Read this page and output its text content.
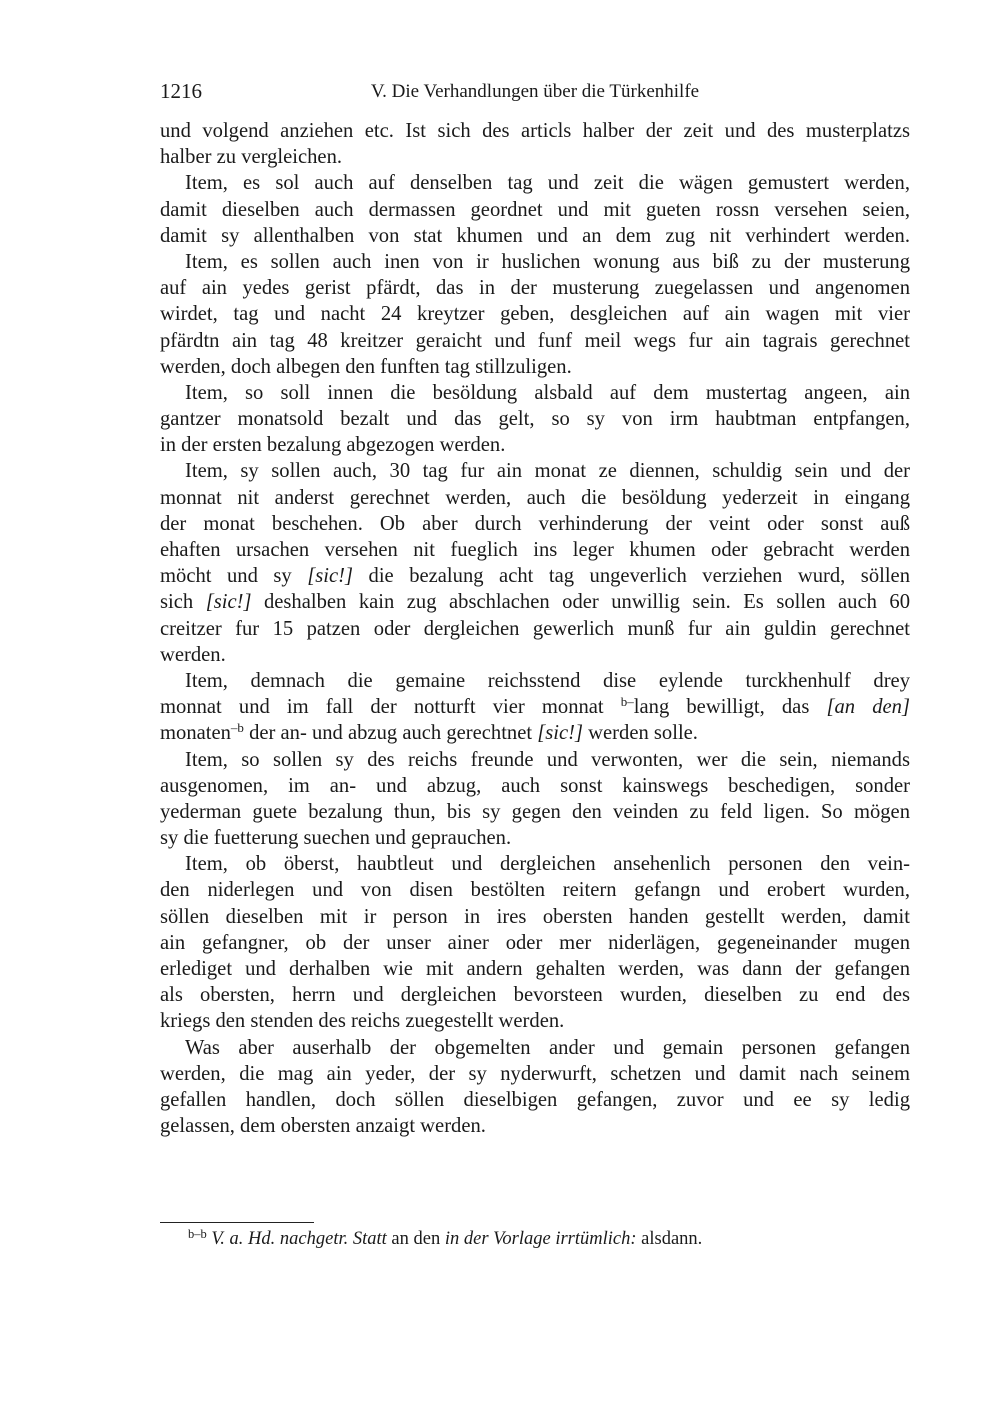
1216	V. Die Verhandlungen über die Türkenhilfe
und volgend anziehen etc. Ist sich des articls halber der zeit und des musterplatzs
halber zu vergleichen.
Item, es sol auch auf denselben tag und zeit die wägen gemustert werden,
damit dieselben auch dermassen geordnet und mit gueten rossn versehen seien,
damit sy allenthalben von stat khumen und an dem zug nit verhindert werden.
Item, es sollen auch inen von ir huslichen wonung aus biß zu der musterung
auf ain yedes gerist pfärdt, das in der musterung zuegelassen und angenomen
wirdet, tag und nacht 24 kreytzer geben, desgleichen auf ain wagen mit vier
pfärdtn ain tag 48 kreitzer geraicht und funf meil wegs fur ain tagrais gerechnet
werden, doch albegen den funften tag stillzuligen.
Item, so soll innen die besöldung alsbald auf dem mustertag angeen, ain
gantzer monatsold bezalt und das gelt, so sy von irm haubtman entpfangen,
in der ersten bezalung abgezogen werden.
Item, sy sollen auch, 30 tag fur ain monat ze diennen, schuldig sein und der
monnat nit anderst gerechnet werden, auch die besöldung yederzeit in eingang
der monat beschehen. Ob aber durch verhinderung der veint oder sonst auß
ehaften ursachen versehen nit fueglich ins leger khumen oder gebracht werden
möcht und sy [sic!] die bezalung acht tag ungeverlich verziehen wurd, söllen
sich [sic!] deshalben kain zug abschlachen oder unwillig sein. Es sollen auch 60
creitzer fur 15 patzen oder dergleichen gewerlich munß fur ain guldin gerechnet
werden.
Item, demnach die gemaine reichsstend dise eylende turckhenhulf drey
monnat und im fall der notturft vier monnat $^{b-}$lang bewilligt, das [an den]
monaten$^{-b}$ der an- und abzug auch gerechtnet [sic!] werden solle.
Item, so sollen sy des reichs freunde und verwonten, wer die sein, niemands
ausgenomen, im an- und abzug, auch sonst kainswegs beschedigen, sonder
yederman guete bezalung thun, bis sy gegen den veinden zu feld ligen. So mögen
sy die fuetterung suechen und geprauchen.
Item, ob öberst, haubtleut und dergleichen ansehenlich personen den vein-
den niderlegen und von disen bestölten reitern gefangn und erobert wurden,
söllen dieselben mit ir person in ires obersten handen gestellt werden, damit
ain gefangner, ob der unser ainer oder mer niderlägen, gegeneinander mugen
erlediget und derhalben wie mit andern gehalten werden, was dann der gefangen
als obersten, herrn und dergleichen bevorsteen wurden, dieselben zu end des
kriegs den stenden des reichs zuegestellt werden.
Was aber auserhalb der obgemelten ander und gemain personen gefangen
werden, die mag ain yeder, der sy nyderwurft, schetzen und damit nach seinem
gefallen handlen, doch söllen dieselbigen gefangen, zuvor und ee sy ledig
gelassen, dem obersten anzaigt werden.
$^{b-b}$ V. a. Hd. nachgetr. Statt an den in der Vorlage irrtümlich: alsdann.
